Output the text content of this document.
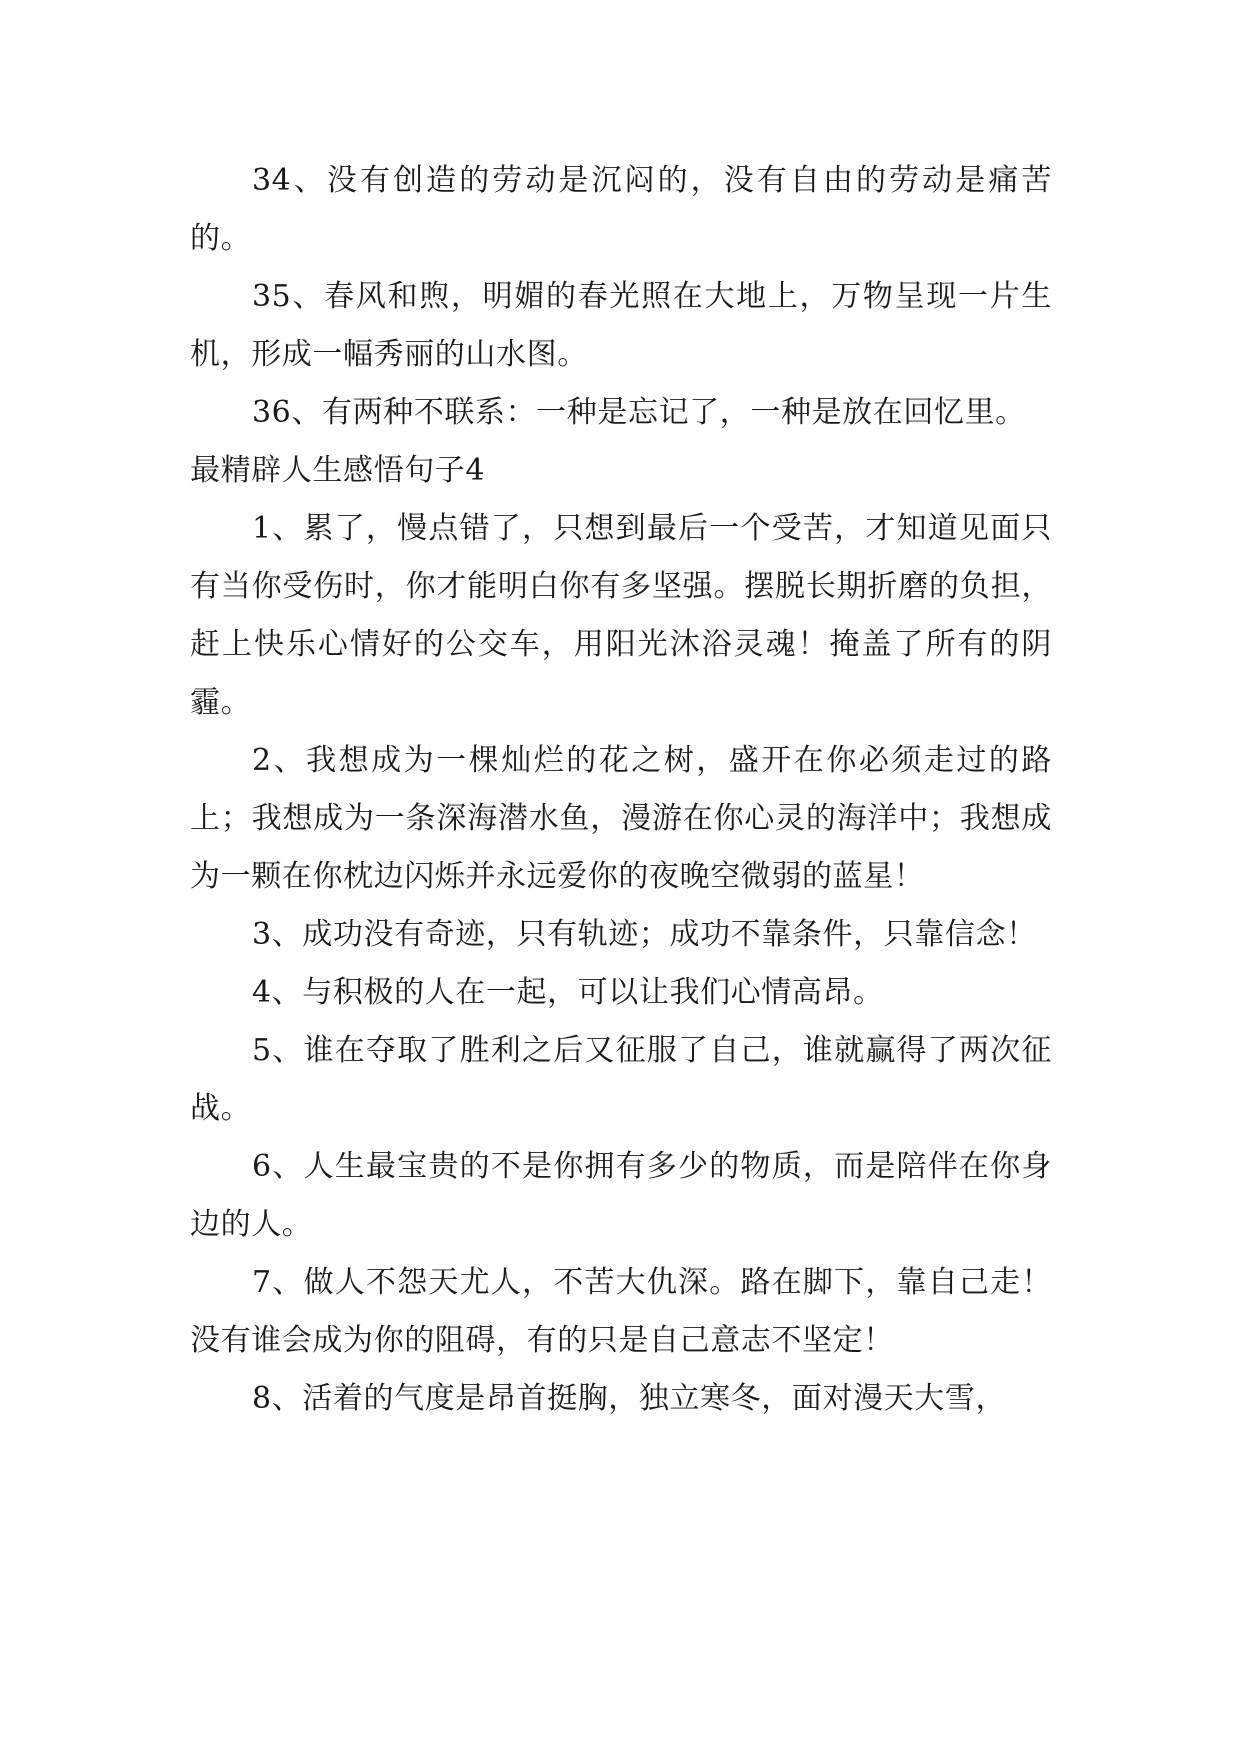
34、没有创造的劳动是沉闷的，没有自由的劳动是痛苦的。

35、春风和煦，明媚的春光照在大地上，万物呈现一片生机，形成一幅秀丽的山水图。

36、有两种不联系：一种是忘记了，一种是放在回忆里。

最精辟人生感悟句子4

1、累了，慢点错了，只想到最后一个受苦，才知道见面只有当你受伤时，你才能明白你有多坚强。摆脱长期折磨的负担，赶上快乐心情好的公交车，用阳光沐浴灵魂！掩盖了所有的阴霾。

2、我想成为一棵灿烂的花之树，盛开在你必须走过的路上；我想成为一条深海潜水鱼，漫游在你心灵的海洋中；我想成为一颗在你枕边闪烁并永远爱你的夜晚空微弱的蓝星！

3、成功没有奇迹，只有轨迹；成功不靠条件，只靠信念！

4、与积极的人在一起，可以让我们心情高昂。

5、谁在夺取了胜利之后又征服了自己，谁就赢得了两次征战。

6、人生最宝贵的不是你拥有多少的物质，而是陪伴在你身边的人。

7、做人不怨天尤人，不苦大仇深。路在脚下，靠自己走！没有谁会成为你的阻碍，有的只是自己意志不坚定！

8、活着的气度是昂首挺胸，独立寒冬，面对漫天大雪，
